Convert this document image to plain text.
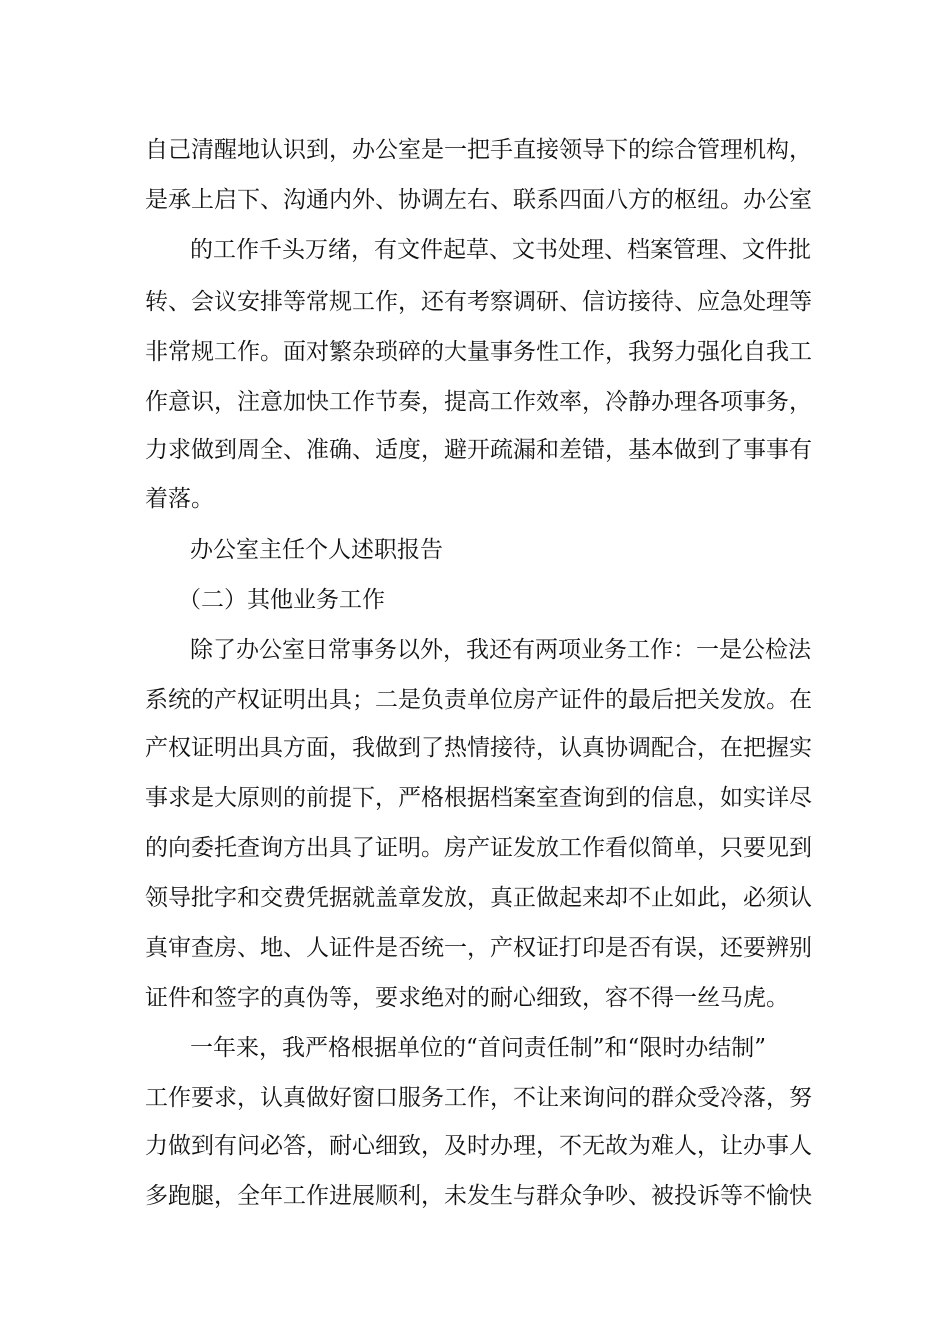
自己清醒地认识到，办公室是一把手直接领导下的综合管理机构，
是承上启下、沟通内外、协调左右、联系四面八方的枢纽。办公室
的工作千头万绪，有文件起草、文书处理、档案管理、文件批
转、会议安排等常规工作，还有考察调研、信访接待、应急处理等
非常规工作。面对繁杂琐碎的大量事务性工作，我努力强化自我工
作意识，注意加快工作节奏，提高工作效率，冷静办理各项事务，
力求做到周全、准确、适度，避开疏漏和差错，基本做到了事事有
着落。
办公室主任个人述职报告
（二）其他业务工作
除了办公室日常事务以外，我还有两项业务工作：一是公检法
系统的产权证明出具；二是负责单位房产证件的最后把关发放。在
产权证明出具方面，我做到了热情接待，认真协调配合，在把握实
事求是大原则的前提下，严格根据档案室查询到的信息，如实详尽
的向委托查询方出具了证明。房产证发放工作看似简单，只要见到
领导批字和交费凭据就盖章发放，真正做起来却不止如此，必须认
真审查房、地、人证件是否统一，产权证打印是否有误，还要辨别
证件和签字的真伪等，要求绝对的耐心细致，容不得一丝马虎。
一年来，我严格根据单位的“首问责任制”和“限时办结制”
工作要求，认真做好窗口服务工作，不让来询问的群众受冷落，努
力做到有问必答，耐心细致，及时办理，不无故为难人，让办事人
多跑腿，全年工作进展顺利，未发生与群众争吵、被投诉等不愉快
